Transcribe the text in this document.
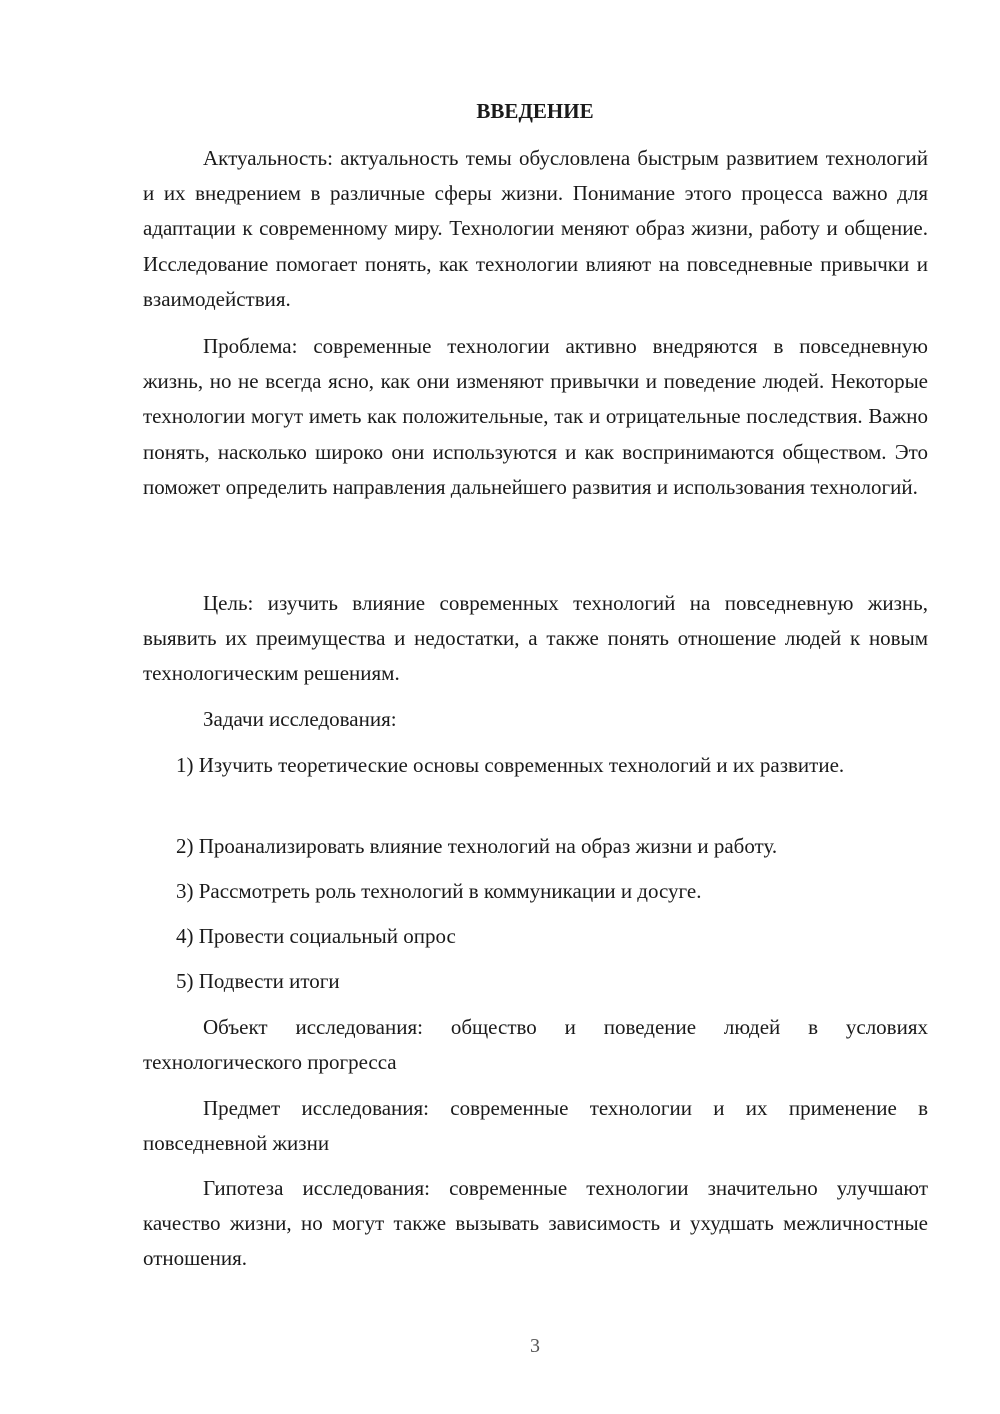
ВВЕДЕНИЕ

Актуальность: актуальность темы обусловлена быстрым развитием технологий и их внедрением в различные сферы жизни. Понимание этого процесса важно для адаптации к современному миру. Технологии меняют образ жизни, работу и общение. Исследование помогает понять, как технологии влияют на повседневные привычки и взаимодействия.

Проблема: современные технологии активно внедряются в повседневную жизнь, но не всегда ясно, как они изменяют привычки и поведение людей. Некоторые технологии могут иметь как положительные, так и отрицательные последствия. Важно понять, насколько широко они используются и как воспринимаются обществом. Это поможет определить направления дальнейшего развития и использования технологий.

Цель: изучить влияние современных технологий на повседневную жизнь, выявить их преимущества и недостатки, а также понять отношение людей к новым технологическим решениям.

Задачи исследования:

1) Изучить теоретические основы современных технологий и их развитие.

2) Проанализировать влияние технологий на образ жизни и работу.

3) Рассмотреть роль технологий в коммуникации и досуге.

4) Провести социальный опрос

5) Подвести итоги

Объект исследования: общество и поведение людей в условиях технологического прогресса

Предмет исследования: современные технологии и их применение в повседневной жизни

Гипотеза исследования: современные технологии значительно улучшают качество жизни, но могут также вызывать зависимость и ухудшать межличностные отношения.

3
